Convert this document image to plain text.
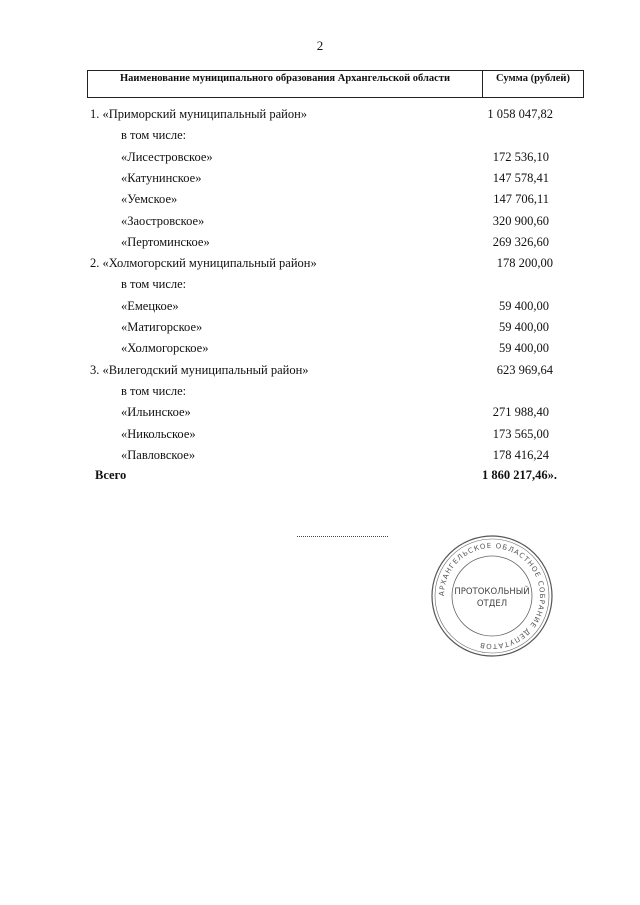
2
Наименование муниципального образования Архангельской области	Сумма (рублей)
1. «Приморский муниципальный район»	1 058 047,82
в том числе:
«Лисестровское»	172 536,10
«Катунинское»	147 578,41
«Уемское»	147 706,11
«Заостровское»	320 900,60
«Пертоминское»	269 326,60
2. «Холмогорский муниципальный район»	178 200,00
в том числе:
«Емецкое»	59 400,00
«Матигорское»	59 400,00
«Холмогорское»	59 400,00
3. «Вилегодский муниципальный район»	623 969,64
в том числе:
«Ильинское»	271 988,40
«Никольское»	173 565,00
«Павловское»	178 416,24
Всего	1 860 217,46».
АРХАНГЕЛЬСКОЕ ОБЛАСТНОЕ СОБРАНИЕ ДЕПУТАТОВ
ПРОТОКОЛЬНЫЙ
ОТДЕЛ
